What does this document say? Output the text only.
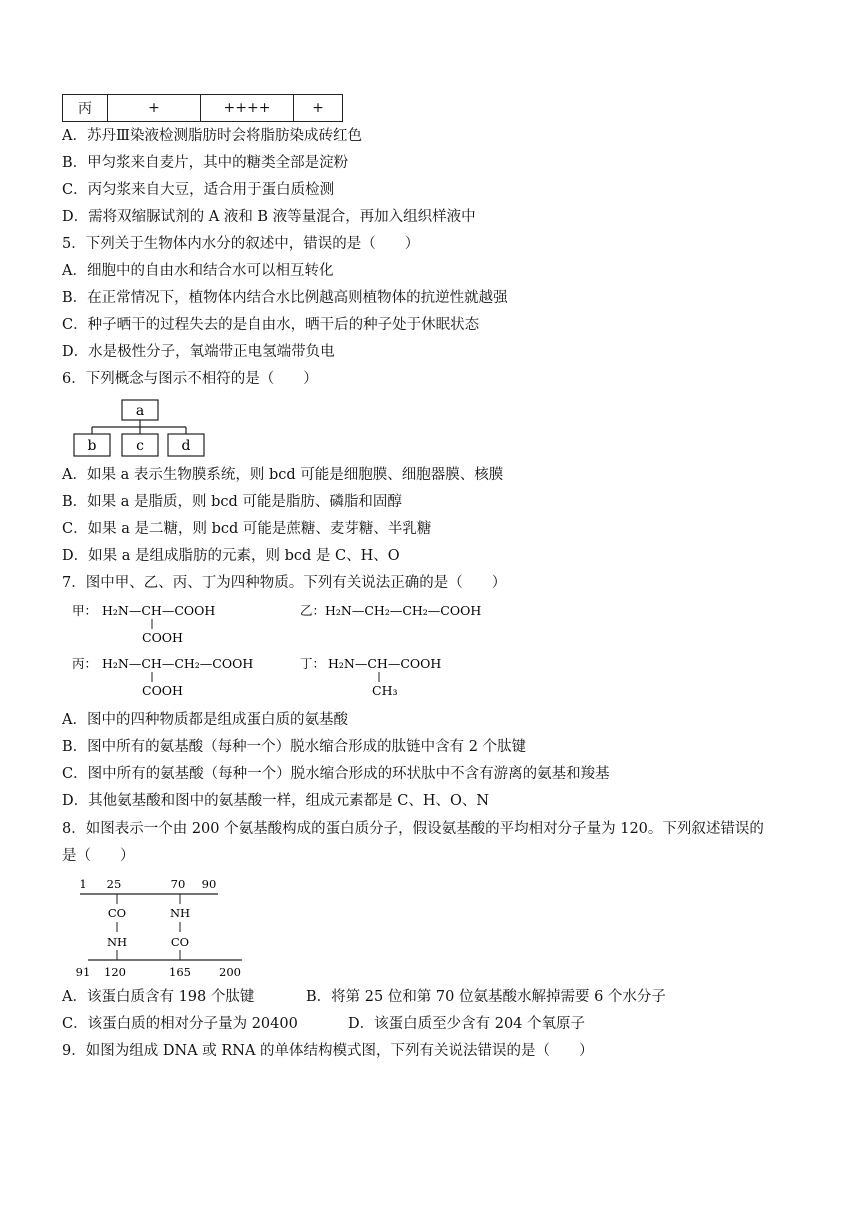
丙	+	++++	+
A．苏丹Ⅲ染液检测脂肪时会将脂肪染成砖红色
B．甲匀浆来自麦片，其中的糖类全部是淀粉
C．丙匀浆来自大豆，适合用于蛋白质检测
D．需将双缩脲试剂的 A 液和 B 液等量混合，再加入组织样液中
5．下列关于生物体内水分的叙述中，错误的是（　　）
A．细胞中的自由水和结合水可以相互转化
B．在正常情况下，植物体内结合水比例越高则植物体的抗逆性就越强
C．种子晒干的过程失去的是自由水，晒干后的种子处于休眠状态
D．水是极性分子，氧端带正电氢端带负电
6．下列概念与图示不相符的是（　　）
a
b	c	d
A．如果 a 表示生物膜系统，则 bcd 可能是细胞膜、细胞器膜、核膜
B．如果 a 是脂质，则 bcd 可能是脂肪、磷脂和固醇
C．如果 a 是二糖，则 bcd 可能是蔗糖、麦芽糖、半乳糖
D．如果 a 是组成脂肪的元素，则 bcd 是 C、H、O
7．图中甲、乙、丙、丁为四种物质。下列有关说法正确的是（　　）
甲： H₂N—CH—COOH
COOH
乙：H₂N—CH₂—CH₂—COOH
丙： H₂N—CH—CH₂—COOH
COOH
丁： H₂N—CH—COOH
CH₃
A．图中的四种物质都是组成蛋白质的氨基酸
B．图中所有的氨基酸（每种一个）脱水缩合形成的肽链中含有 2 个肽键
C．图中所有的氨基酸（每种一个）脱水缩合形成的环状肽中不含有游离的氨基和羧基
D．其他氨基酸和图中的氨基酸一样，组成元素都是 C、H、O、N
8．如图表示一个由 200 个氨基酸构成的蛋白质分子，假设氨基酸的平均相对分子量为 120。下列叙述错误的
是（　　）
1 25	70 90
CO	NH
NH	CO
91 120	165 200
A．该蛋白质含有 198 个肽键	B．将第 25 位和第 70 位氨基酸水解掉需要 6 个水分子
C．该蛋白质的相对分子量为 20400	D．该蛋白质至少含有 204 个氧原子
9．如图为组成 DNA 或 RNA 的单体结构模式图，下列有关说法错误的是（　　）
